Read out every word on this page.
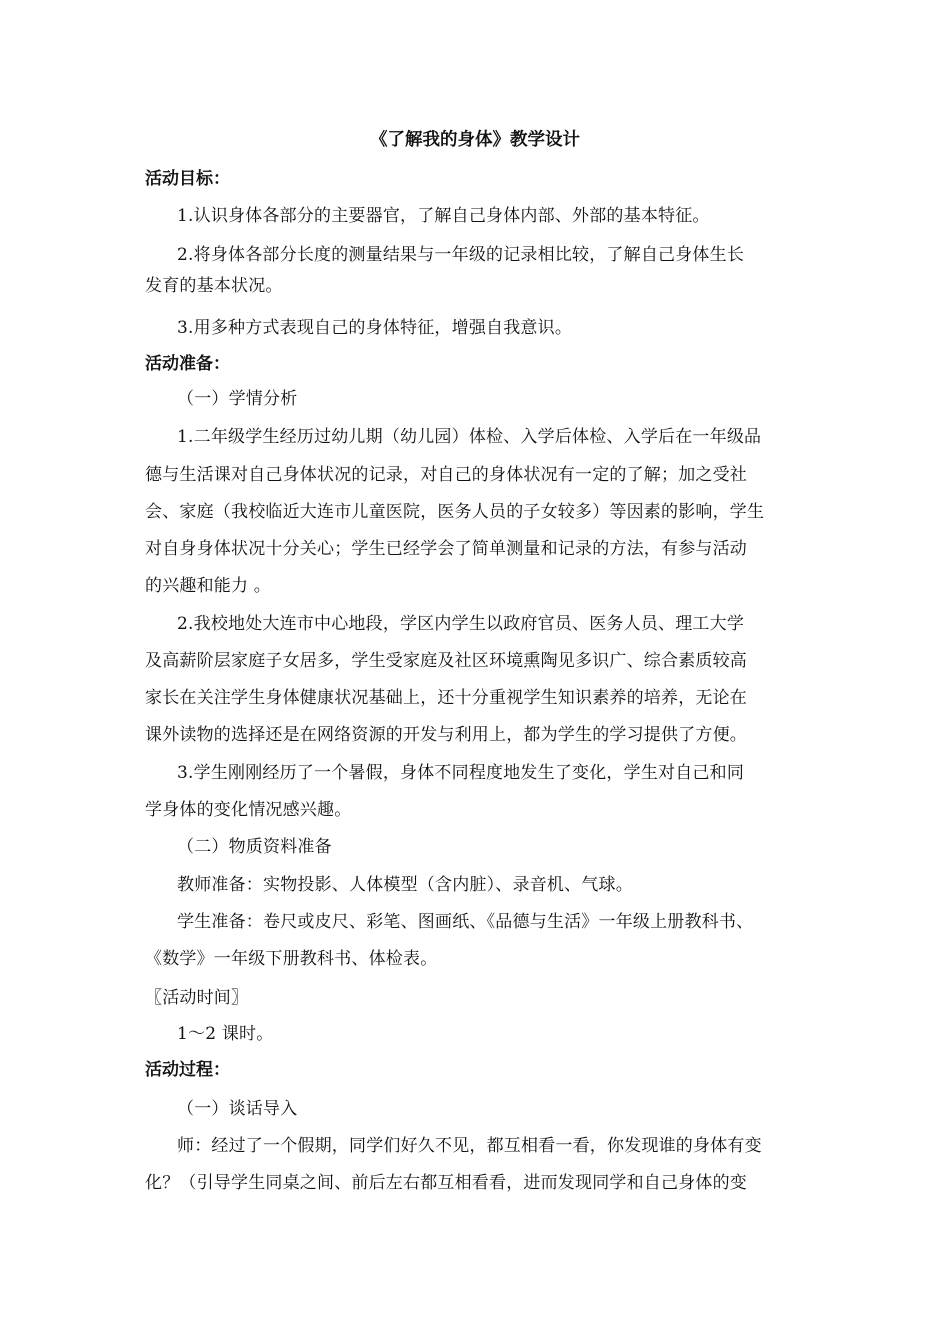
《了解我的身体》教学设计
活动目标：
1.认识身体各部分的主要器官，了解自己身体内部、外部的基本特征。
2.将身体各部分长度的测量结果与一年级的记录相比较，了解自己身体生长
发育的基本状况。
3.用多种方式表现自己的身体特征，增强自我意识。
活动准备：
（一）学情分析
1.二年级学生经历过幼儿期（幼儿园）体检、入学后体检、入学后在一年级品
德与生活课对自己身体状况的记录，对自己的身体状况有一定的了解；加之受社
会、家庭（我校临近大连市儿童医院，医务人员的子女较多）等因素的影响，学生
对自身身体状况十分关心；学生已经学会了简单测量和记录的方法，有参与活动
的兴趣和能力 。
2.我校地处大连市中心地段，学区内学生以政府官员、医务人员、理工大学
及高薪阶层家庭子女居多，学生受家庭及社区环境熏陶见多识广、综合素质较高
家长在关注学生身体健康状况基础上，还十分重视学生知识素养的培养，无论在
课外读物的选择还是在网络资源的开发与利用上，都为学生的学习提供了方便。
3.学生刚刚经历了一个暑假，身体不同程度地发生了变化，学生对自己和同
学身体的变化情况感兴趣。
（二）物质资料准备
教师准备：实物投影、人体模型（含内脏）、录音机、气球。
学生准备：卷尺或皮尺、彩笔、图画纸、《品德与生活》一年级上册教科书、
《数学》一年级下册教科书、体检表。
〖活动时间〗
1～2 课时。
活动过程：
（一）谈话导入
师：经过了一个假期，同学们好久不见，都互相看一看，你发现谁的身体有变
化？（引导学生同桌之间、前后左右都互相看看，进而发现同学和自己身体的变
